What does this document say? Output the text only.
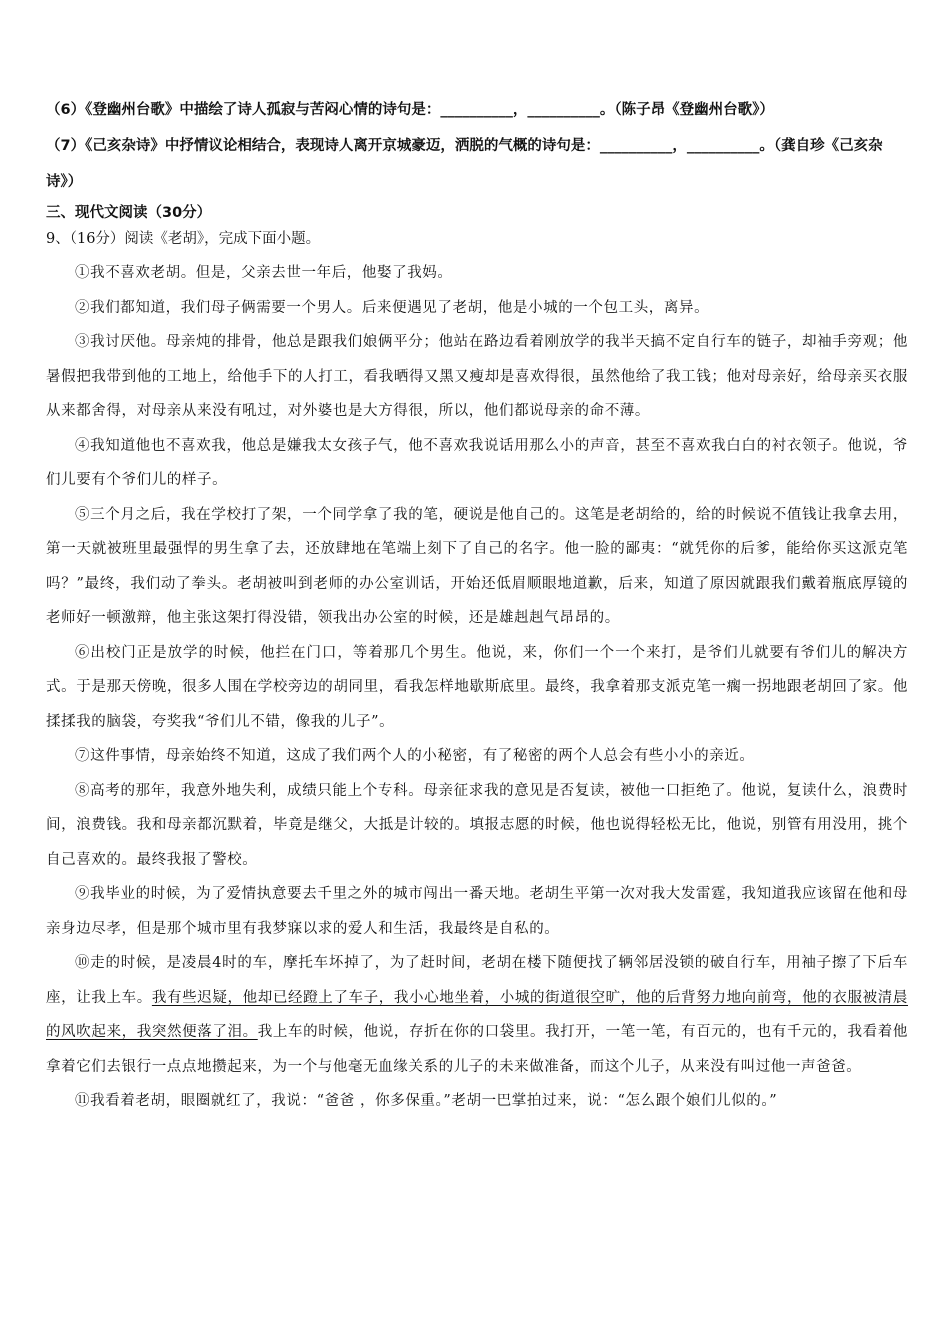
（6）《登幽州台歌》中描绘了诗人孤寂与苦闷心情的诗句是：__________，__________。（陈子昂《登幽州台歌》）

（7）《己亥杂诗》中抒情议论相结合，表现诗人离开京城豪迈，洒脱的气概的诗句是：__________，__________。（龚自珍《己亥杂诗》）

三、现代文阅读（30分）

9、（16分）阅读《老胡》，完成下面小题。

①我不喜欢老胡。但是，父亲去世一年后，他娶了我妈。

②我们都知道，我们母子俩需要一个男人。后来便遇见了老胡，他是小城的一个包工头，离异。

③我讨厌他。母亲炖的排骨，他总是跟我们娘俩平分；他站在路边看着刚放学的我半天搞不定自行车的链子，却袖手旁观；他暑假把我带到他的工地上，给他手下的人打工，看我晒得又黑又瘦却是喜欢得很，虽然他给了我工钱；他对母亲好，给母亲买衣服从来都舍得，对母亲从来没有吼过，对外婆也是大方得很，所以，他们都说母亲的命不薄。

④我知道他也不喜欢我，他总是嫌我太女孩子气，他不喜欢我说话用那么小的声音，甚至不喜欢我白白的衬衣领子。他说，爷们儿要有个爷们儿的样子。

⑤三个月之后，我在学校打了架，一个同学拿了我的笔，硬说是他自己的。这笔是老胡给的，给的时候说不值钱让我拿去用，第一天就被班里最强悍的男生拿了去，还放肆地在笔端上刻下了自己的名字。他一脸的鄙夷：“就凭你的后爹，能给你买这派克笔吗？”最终，我们动了拳头。老胡被叫到老师的办公室训话，开始还低眉顺眼地道歉，后来，知道了原因就跟我们戴着瓶底厚镜的老师好一顿激辩，他主张这架打得没错，领我出办公室的时候，还是雄赳赳气昂昂的。

⑥出校门正是放学的时候，他拦在门口，等着那几个男生。他说，来，你们一个一个来打，是爷们儿就要有爷们儿的解决方式。于是那天傍晚，很多人围在学校旁边的胡同里，看我怎样地歇斯底里。最终，我拿着那支派克笔一瘸一拐地跟老胡回了家。他揉揉我的脑袋，夸奖我“爷们儿不错，像我的儿子”。

⑦这件事情，母亲始终不知道，这成了我们两个人的小秘密，有了秘密的两个人总会有些小小的亲近。

⑧高考的那年，我意外地失利，成绩只能上个专科。母亲征求我的意见是否复读，被他一口拒绝了。他说，复读什么，浪费时间，浪费钱。我和母亲都沉默着，毕竟是继父，大抵是计较的。填报志愿的时候，他也说得轻松无比，他说，别管有用没用，挑个自己喜欢的。最终我报了警校。

⑨我毕业的时候，为了爱情执意要去千里之外的城市闯出一番天地。老胡生平第一次对我大发雷霆，我知道我应该留在他和母亲身边尽孝，但是那个城市里有我梦寐以求的爱人和生活，我最终是自私的。

⑩走的时候，是凌晨4时的车，摩托车坏掉了，为了赶时间，老胡在楼下随便找了辆邻居没锁的破自行车，用袖子擦了下后车座，让我上车。我有些迟疑，他却已经蹬上了车子，我小心地坐着，小城的街道很空旷，他的后背努力地向前弯，他的衣服被清晨的风吹起来，我突然便落了泪。我上车的时候，他说，存折在你的口袋里。我打开，一笔一笔，有百元的，也有千元的，我看着他拿着它们去银行一点点地攒起来，为一个与他毫无血缘关系的儿子的未来做准备，而这个儿子，从来没有叫过他一声爸爸。

⑪我看着老胡，眼圈就红了，我说：“爸爸 ，你多保重。”老胡一巴掌拍过来，说：“怎么跟个娘们儿似的。”
